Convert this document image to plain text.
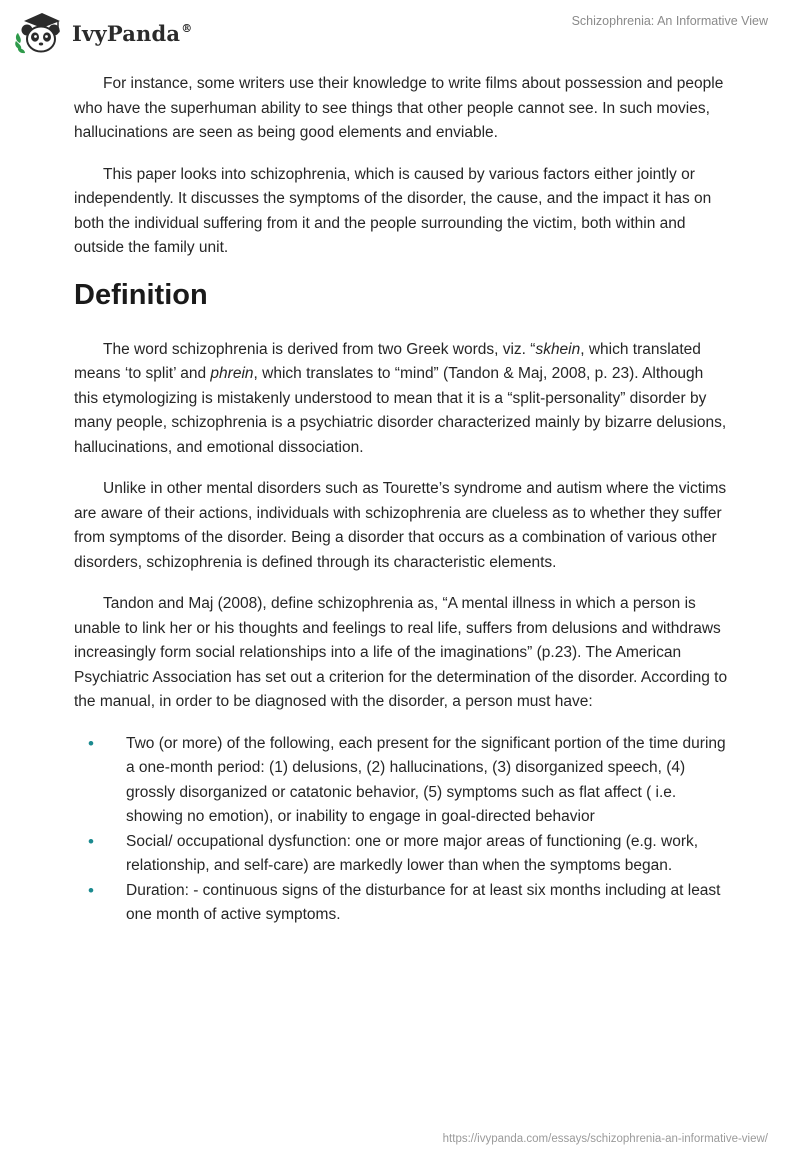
IvyPanda®	Schizophrenia: An Informative View

For instance, some writers use their knowledge to write films about possession and people who have the superhuman ability to see things that other people cannot see. In such movies, hallucinations are seen as being good elements and enviable.

This paper looks into schizophrenia, which is caused by various factors either jointly or independently. It discusses the symptoms of the disorder, the cause, and the impact it has on both the individual suffering from it and the people surrounding the victim, both within and outside the family unit.

Definition

The word schizophrenia is derived from two Greek words, viz. “skhein, which translated means ‘to split’ and phrein, which translates to “mind” (Tandon & Maj, 2008, p. 23). Although this etymologizing is mistakenly understood to mean that it is a “split-personality” disorder by many people, schizophrenia is a psychiatric disorder characterized mainly by bizarre delusions, hallucinations, and emotional dissociation.

Unlike in other mental disorders such as Tourette’s syndrome and autism where the victims are aware of their actions, individuals with schizophrenia are clueless as to whether they suffer from symptoms of the disorder. Being a disorder that occurs as a combination of various other disorders, schizophrenia is defined through its characteristic elements.

Tandon and Maj (2008), define schizophrenia as, “A mental illness in which a person is unable to link her or his thoughts and feelings to real life, suffers from delusions and withdraws increasingly form social relationships into a life of the imaginations” (p.23). The American Psychiatric Association has set out a criterion for the determination of the disorder. According to the manual, in order to be diagnosed with the disorder, a person must have:

• Two (or more) of the following, each present for the significant portion of the time during a one-month period: (1) delusions, (2) hallucinations, (3) disorganized speech, (4) grossly disorganized or catatonic behavior, (5) symptoms such as flat affect ( i.e. showing no emotion), or inability to engage in goal-directed behavior
• Social/ occupational dysfunction: one or more major areas of functioning (e.g. work, relationship, and self-care) are markedly lower than when the symptoms began.
• Duration: - continuous signs of the disturbance for at least six months including at least one month of active symptoms.
https://ivypanda.com/essays/schizophrenia-an-informative-view/
